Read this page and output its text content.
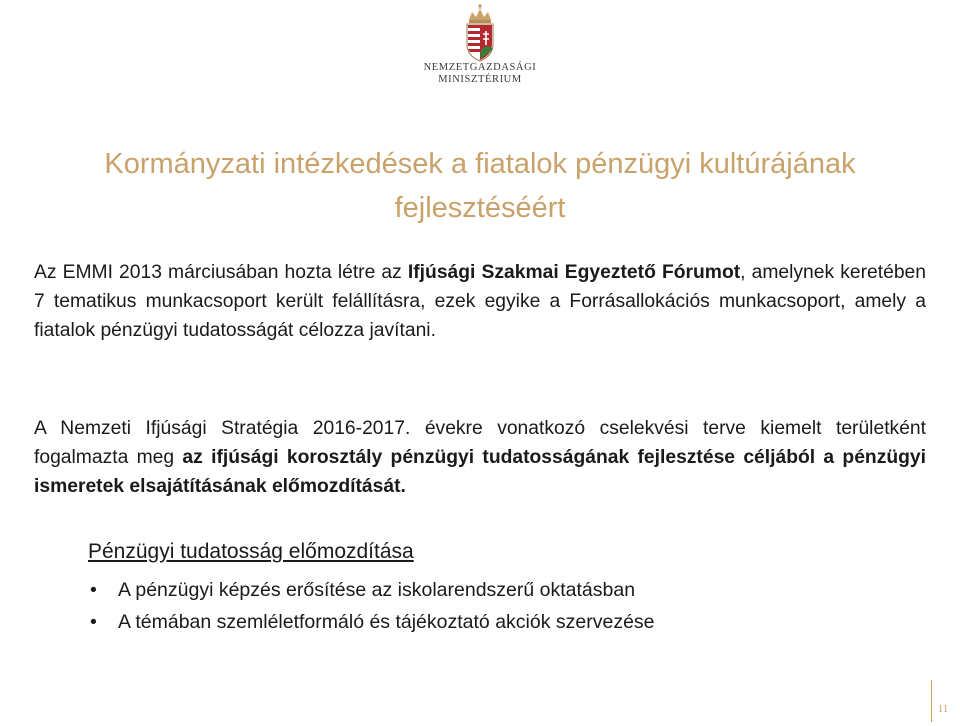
NEMZETGAZDASÁGI
MINISZTÉRIUM
Kormányzati intézkedések a fiatalok pénzügyi kultúrájának
fejlesztéséért

Az EMMI 2013 márciusában hozta létre az Ifjúsági Szakmai Egyeztető Fórumot, amelynek keretében 7 tematikus munkacsoport került felállításra, ezek egyike a Forrásallokációs munkacsoport, amely a fiatalok pénzügyi tudatosságát célozza javítani.

A Nemzeti Ifjúsági Stratégia 2016-2017. évekre vonatkozó cselekvési terve kiemelt területként fogalmazta meg az ifjúsági korosztály pénzügyi tudatosságának fejlesztése céljából a pénzügyi ismeretek elsajátításának előmozdítását.

Pénzügyi tudatosság előmozdítása

• A pénzügyi képzés erősítése az iskolarendszerű oktatásban
• A témában szemléletformáló és tájékoztató akciók szervezése
11
